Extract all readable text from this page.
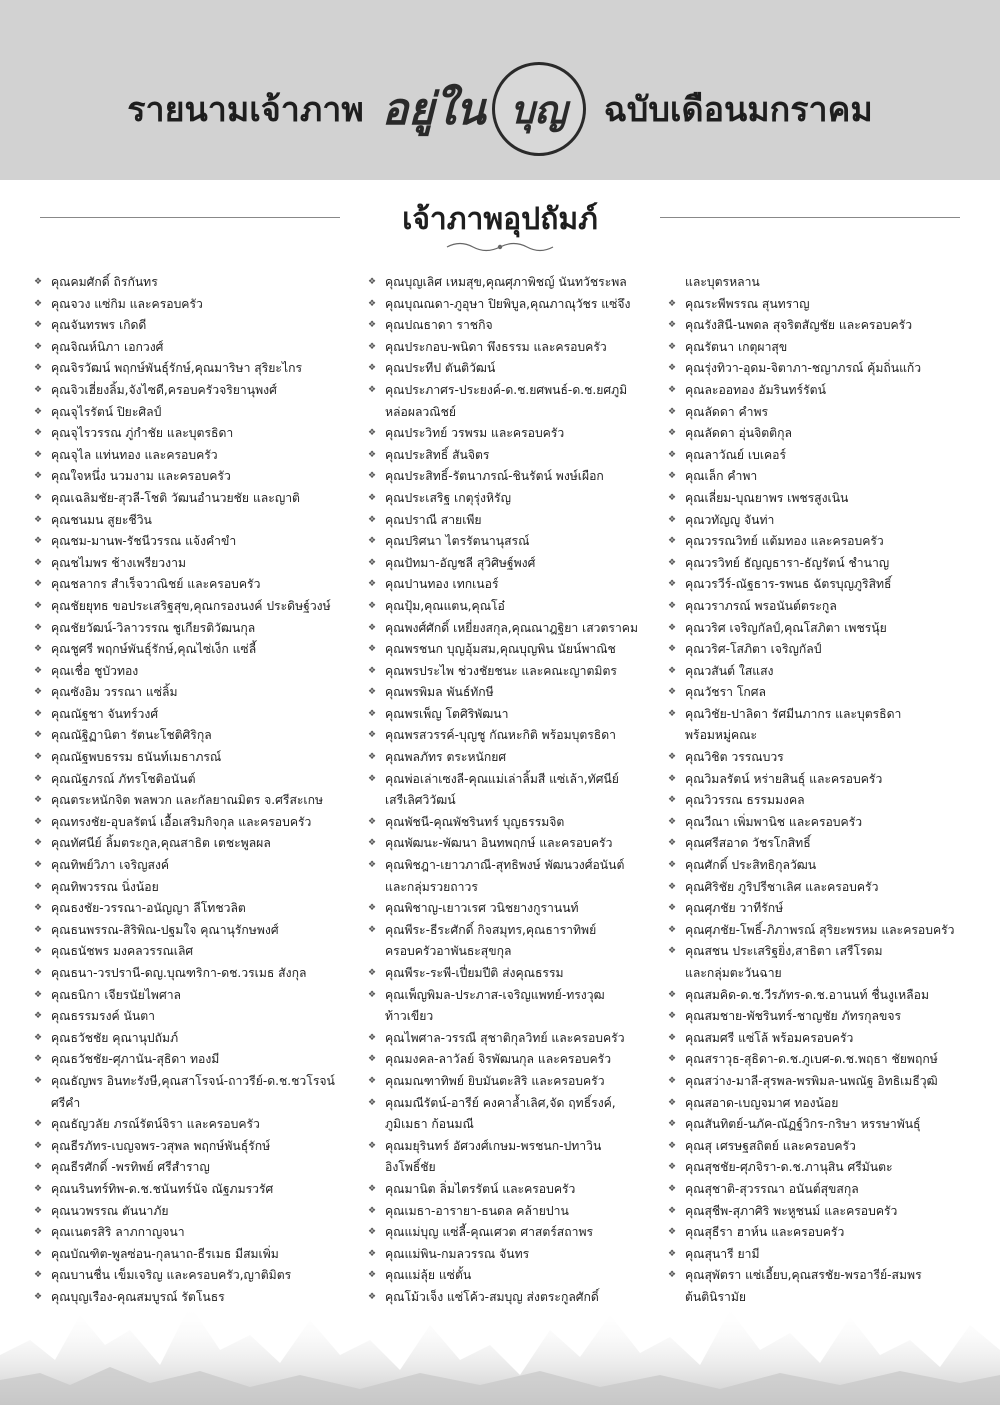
รายนามเจ้าภาพ อยู่ใน บุญ ฉบับเดือนมกราคม
เจ้าภาพอุปถัมภ์
❖ คุณคมศักดิ์ ถิรกันทร
❖ คุณจวง แซ่กิม และครอบครัว
❖ คุณจันทรพร เกิดดี
❖ คุณจิณห์นิภา เอกวงศ์
❖ คุณจิรวัฒน์ พฤกษ์พันธุ์รักษ์,คุณมาริษา สุริยะไกร
❖ คุณจิวเฮี่ยงลิ้ม,จังไซดี,ครอบครัวจริยานุพงศ์
❖ คุณจุไรรัตน์ ปิยะศิลป์
❖ คุณจุไรวรรณ ภู่กำชัย และบุตรธิดา
❖ คุณจุไล แท่นทอง และครอบครัว
❖ คุณใจหนึ่ง นวมงาม และครอบครัว
❖ คุณเฉลิมชัย-สุวลี-โชติ วัฒนอำนวยชัย และญาติ
❖ คุณชนมน สูยะชีวิน
❖ คุณชม-มานพ-รัชนีวรรณ แจ้งคำขำ
❖ คุณชไมพร ช้างเพรียวงาม
❖ คุณชลากร สำเร็จวาณิชย์ และครอบครัว
❖ คุณชัยยุทธ ขอประเสริฐสุข,คุณกรองนงค์ ประดิษฐ์วงษ์
❖ คุณชัยวัฒน์-วิลาวรรณ ชูเกียรติวัฒนกุล
❖ คุณชูศรี พฤกษ์พันธุ์รักษ์,คุณไซ่เง็ก แซ่ลี้
❖ คุณเชื่อ ชูบัวทอง
❖ คุณซังอิม วรรณา แซ่ลิ้ม
❖ คุณณัฐชา จันทร์วงศ์
❖ คุณณัฐิฏานิตา รัตนะโชติศิริกุล
❖ คุณณัฐพบธรรม ธนันท์เมธาภรณ์
❖ คุณณัฐภรณ์ ภัทรโชติอนันต์
❖ คุณตระหนักจิต พลพวก และกัลยาณมิตร จ.ศรีสะเกษ
❖ คุณทรงชัย-อุบลรัตน์ เอื้อเสริมกิจกุล และครอบครัว
❖ คุณทัศนีย์ ลิ้มตระกูล,คุณสาธิต เตชะพูลผล
❖ คุณทิพย์วิภา เจริญสงค์
❖ คุณทิพวรรณ นิ่งน้อย
❖ คุณธงชัย-วรรณา-อนัญญา ลีโทชวลิต
❖ คุณธนพรรณ-สิริพิณ-ปฐมใจ คุณานุรักษพงศ์
❖ คุณธนัชพร มงคลวรรณเลิศ
❖ คุณธนา-วรปรานี-ดญ.บุณฑริกา-ดช.วรเมธ สังกุล
❖ คุณธนิกา เจียรนัยไพศาล
❖ คุณธรรมรงค์ นันตา
❖ คุณธวัชชัย คุณานุปถัมภ์
❖ คุณธวัชชัย-ศุภานัน-สุธิดา ทองมี
❖ คุณธัญพร อินทะรังษี,คุณสาโรจน์-ถาวรีย์-ด.ช.ชวโรจน์
ศรีคำ
❖ คุณธัญวลัย ภรณ์รัตน์จิรา และครอบครัว
❖ คุณธีรภัทร-เบญจพร-วสุพล พฤกษ์พันธุ์รักษ์
❖ คุณธีรศักดิ์ -พรทิพย์ ศรีสำราญ
❖ คุณนรินทร์ทิพ-ด.ช.ชนันทร์นัจ ณัฐภมรวรัศ
❖ คุณนวพรรณ ตันนาภัย
❖ คุณเนตรสิริ ลาภกาญจนา
❖ คุณบัณฑิต-พูลซ่อน-กุลนาถ-ธีรเมธ มีสมเพิ่ม
❖ คุณบานชื่น เข็มเจริญ และครอบครัว,ญาติมิตร
❖ คุณบุญเรือง-คุณสมบูรณ์ รัตโนธร
❖ คุณบุญเลิศ เหมสุข,คุณศุภาพิชญ์ นันทวัชระพล
❖ คุณบุณณดา-ภูอุษา ปิยพิบูล,คุณภาณุวัชร แซ่จึง
❖ คุณปณธาดา ราชกิจ
❖ คุณประกอบ-พนิดา พึงธรรม และครอบครัว
❖ คุณประทีป ตันติวัฒน์
❖ คุณประภาศร-ประยงค์-ด.ช.ยศพนธ์-ด.ช.ยศภูมิ
หล่อผลวณิชย์
❖ คุณประวิทย์ วรพรม และครอบครัว
❖ คุณประสิทธิ์ สันจิตร
❖ คุณประสิทธิ์-รัตนาภรณ์-ชินรัตน์ พงษ์เผือก
❖ คุณประเสริฐ เกตุรุ่งหิรัญ
❖ คุณปราณี สายเพีย
❖ คุณปริศนา ไตรรัตนานุสรณ์
❖ คุณปัทมา-อัญชลี สุวิศิษฐ์พงศ์
❖ คุณปานทอง เทกเนอร์
❖ คุณปุ้ม,คุณแตน,คุณโอ๋
❖ คุณพงศ์ศักดิ์ เหยี่ยงสกุล,คุณณาฎฐิยา เสวตราคม
❖ คุณพรชนก บุญอุ้มสม,คุณบุญพิน นัยน์พาณิช
❖ คุณพรประไพ ช่วงชัยชนะ และคณะญาตมิตร
❖ คุณพรพิมล พันธ์ทักษี
❖ คุณพรเพ็ญ โตศิริพัฒนา
❖ คุณพรสวรรค์-บุญชู กัณหะกิติ พร้อมบุตรธิดา
❖ คุณพลภัทร ตระหนักยศ
❖ คุณพ่อเล่าเซงลี-คุณแม่เล่าลิ้มสี แซ่เล้า,ทัศนีย์
เสรีเลิศวิวัฒน์
❖ คุณพัชนี-คุณพัชรินทร์ บุญธรรมจิต
❖ คุณพัฒนะ-พัฒนา อินทพฤกษ์ และครอบครัว
❖ คุณพิชฎา-เยาวภาณี-สุทธิพงษ์ พัฒนวงศ์อนันต์
และกลุ่มรวยถาวร
❖ คุณพิชาญ-เยาวเรศ วนิชยางกูรานนท์
❖ คุณพีระ-ธีระศักดิ์ กิจสมุทร,คุณธาราทิพย์
ครอบครัวอาพันธะสุขกุล
❖ คุณพีระ-ระพี-เปี่ยมปีติ ส่งคุณธรรม
❖ คุณเพ็ญพิมล-ประภาส-เจริญแพทย์-ทรงวุฒ
ท้าวเขียว
❖ คุณไพศาล-วรรณี สุชาติกุลวิทย์ และครอบครัว
❖ คุณมงคล-ลาวัลย์ จิรพัฒนกุล และครอบครัว
❖ คุณมณฑาทิพย์ ยิบมันตะสิริ และครอบครัว
❖ คุณมณีรัตน์-อารีย์ คงคาล้ำเลิศ,จัด ฤทธิ์รงค์,
ภูมิเมธา ก้อนมณี
❖ คุณมยุรินทร์ อัศวงศ์เกษม-พรชนก-ปทาวิน
อิงโพธิ์ชัย
❖ คุณมานิต ลิ่มไตรรัตน์ และครอบครัว
❖ คุณเมธา-อารายา-ธนดล คล้ายปาน
❖ คุณแม่บุญ แซ่ลี้-คุณเศวต ศาสตร์สถาพร
❖ คุณแม่พิน-กมลวรรณ จันทร
❖ คุณแม่ลุ้ย แซ่ตั้น
❖ คุณโม้วเจ็ง แซ่โค้ว-สมบุญ ส่งตระกูลศักดิ์
และบุตรหลาน
❖ คุณระพีพรรณ สุนทราญ
❖ คุณรังสินี-นพดล สุจริตสัญชัย และครอบครัว
❖ คุณรัตนา เกตุผาสุข
❖ คุณรุ่งทิวา-อุดม-จิตาภา-ชญาภรณ์ คุ้มถิ่นแก้ว
❖ คุณละออทอง อัมรินทร์รัตน์
❖ คุณลัดดา คำพร
❖ คุณลัดดา อุ่นจิตติกุล
❖ คุณลาวัณย์ เบเคอร์
❖ คุณเล็ก คำพา
❖ คุณเลี่ยม-บุณยาพร เพชรสูงเนิน
❖ คุณวทัญญู จันท่า
❖ คุณวรรณวิทย์ แต้มทอง และครอบครัว
❖ คุณวรวิทย์ ธัญญธารา-ธัญรัตน์ ชำนาญ
❖ คุณวรวีร์-ณัฐธาร-รพนธ ฉัตรบุญภูริสิทธิ์
❖ คุณวราภรณ์ พรอนันต์ตระกูล
❖ คุณวริศ เจริญกัลป์,คุณโสภิตา เพชรนุ้ย
❖ คุณวริศ-โสภิตา เจริญกัลป์
❖ คุณวสันต์ ใสแสง
❖ คุณวัชรา โกศล
❖ คุณวิชัย-ปาลิดา รัศมีนภากร และบุตรธิดา
พร้อมหมู่คณะ
❖ คุณวิชิต วรรณบวร
❖ คุณวิมลรัตน์ หร่ายสินธุ์ และครอบครัว
❖ คุณวิวรรณ ธรรมมงคล
❖ คุณวีณา เพิ่มพานิช และครอบครัว
❖ คุณศรีสอาด วัชรโกสิทธิ์
❖ คุณศักดิ์ ประสิทธิกุลวัฒน
❖ คุณศิริชัย ภูริปรีชาเลิศ และครอบครัว
❖ คุณศุภชัย วาทีรักษ์
❖ คุณศุภชัย-โพธิ์-ภิภาพรณ์ สุริยะพรหม และครอบครัว
❖ คุณสชน ประเสริฐยิ่ง,สาธิตา เสรีโรดม
และกลุ่มตะวันฉาย
❖ คุณสมคิด-ด.ช.วีรภัทร-ด.ช.อานนท์ ชื่นงูเหลือม
❖ คุณสมชาย-พัชรินทร์-ชาญชัย ภัทรกุลขจร
❖ คุณสมศรี แซ่โล้ พร้อมครอบครัว
❖ คุณสราวุธ-สุธิดา-ด.ช.ภูเบศ-ด.ช.พฤธา ชัยพฤกษ์
❖ คุณสว่าง-มาลี-สุรพล-พรพิมล-นพณัฐ อิทธิเมธีวุฒิ
❖ คุณสอาด-เบญจมาศ ทองน้อย
❖ คุณสันทิตย์-นภัค-ณัฏฐ์วิกร-กริษา หรรษาพันธุ์
❖ คุณสุ เศรษฐสถิตย์ และครอบครัว
❖ คุณสุชชัย-ศุภจิรา-ด.ช.ภานุสิน ศรีมันตะ
❖ คุณสุชาติ-สุวรรณา อนันต์สุขสกุล
❖ คุณสุชีพ-สุภาศิริ พะหูชนม์ และครอบครัว
❖ คุณสุธีรา ฮาห์น และครอบครัว
❖ คุณสุนารี ยามี
❖ คุณสุพัตรา แซ่เอี้ยบ,คุณสรชัย-พรอารีย์-สมพร
ต้นตินิรามัย
